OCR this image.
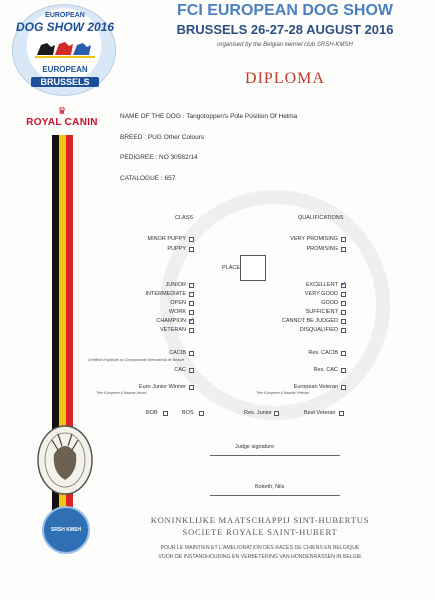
EUROPEAN
DOG SHOW 2016
EUROPEAN
BRUSSELS
♛
ROYAL CANIN
FCI EUROPEAN DOG SHOW
BRUSSELS 26-27-28 AUGUST 2016
organised by the Belgian kennel club SRSH-KMSH
DIPLOMA
NAME OF THE DOG : Tangotoppen's Pole Position Of Helma
BREED : PUG Other Colours
PEDIGREE : NO 30582/14
CATALOGUE : 657
CLASS	QUALIFICATIONS
PLACE
MINOR PUPPY
PUPPY
VERY PROMISING
PROMISING
JUNIOR
INTERMEDIATE
OPEN
WORK
CHAMPION
✓
VETERAN
EXCELLENT
✓
VERY GOOD
GOOD
SUFFICIENT
CANNOT BE JUDGED
DISQUALIFIED
CACIB
Certificat d'aptitude au Championnat International de Beauté
Res. CACIB
CAC	Res. CAC
Euro Junior Winner
Titre Européen & Beauté Jeune
European Veteran
Titre Européen & Beauté Vétéran
BOB	BOS	Res. Junior	Best Veteran
Judge signature
Boketh, Nils
SRSH KMSH
KONINKLIJKE MAATSCHAPPIJ SINT-HUBERTUS
SOCIETE ROYALE SAINT-HUBERT
POUR LE MAINTIEN ET L'AMELIORATION DES RACES DE CHIENS EN BELGIQUE
VOOR DE INSTANDHOUDING EN VERBETERING VAN HONDENRASSEN IN BELGIE
